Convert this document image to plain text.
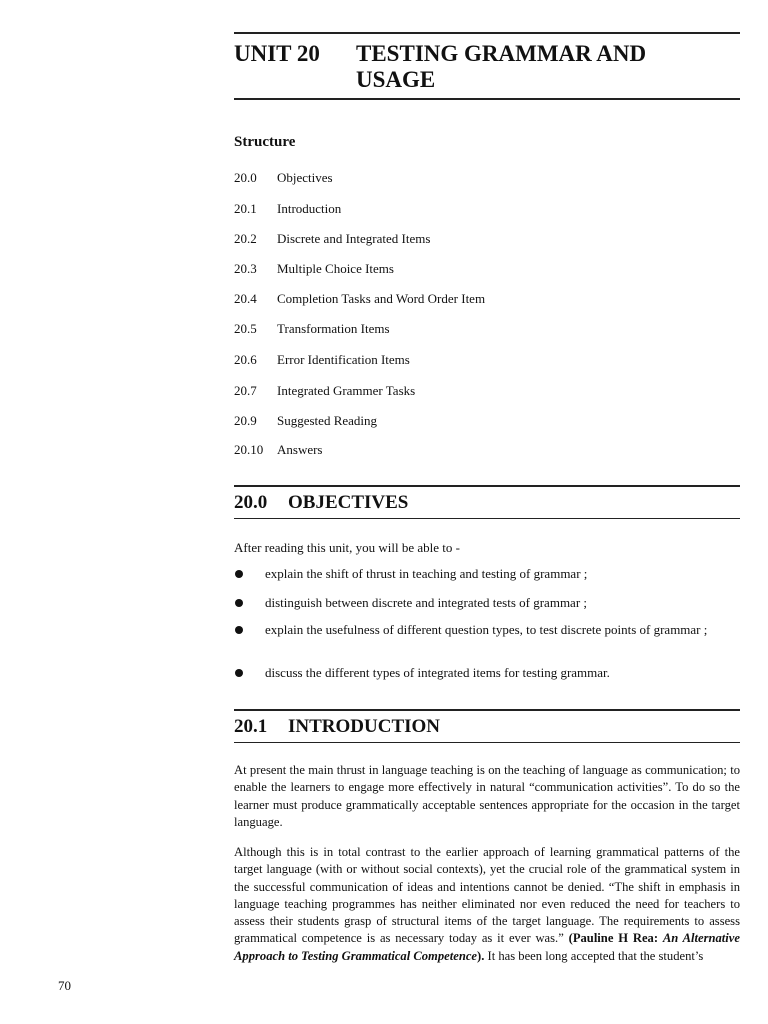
UNIT 20 TESTING GRAMMAR AND
USAGE
Structure
20.0 Objectives
20.1 Introduction
20.2 Discrete and Integrated Items
20.3 Multiple Choice Items
20.4 Completion Tasks and Word Order Item
20.5 Transformation Items
20.6 Error Identification Items
20.7 Integrated Grammer Tasks
20.9 Suggested Reading
20.10 Answers
20.0 OBJECTIVES
After reading this unit, you will be able to -
explain the shift of thrust in teaching and testing of grammar ;
distinguish between discrete and integrated tests of grammar ;
explain the usefulness of different question types, to test discrete points of grammar ;
discuss the different types of integrated items for testing grammar.
20.1 INTRODUCTION
At present the main thrust in language teaching is on the teaching of language as communication; to enable the learners to engage more effectively in natural “communication activities”. To do so the learner must produce grammatically acceptable sentences appropriate for the occasion in the target language.
Although this is in total contrast to the earlier approach of learning grammatical patterns of the target language (with or without social contexts), yet the crucial role of the grammatical system in the successful communication of ideas and intentions cannot be denied. “The shift in emphasis in language teaching programmes has neither eliminated nor even reduced the need for teachers to assess their students grasp of structural items of the target language. The requirements to assess grammatical competence is as necessary today as it ever was.” (Pauline H Rea: An Alternative Approach to Testing Grammatical Competence). It has been long accepted that the student’s
70
